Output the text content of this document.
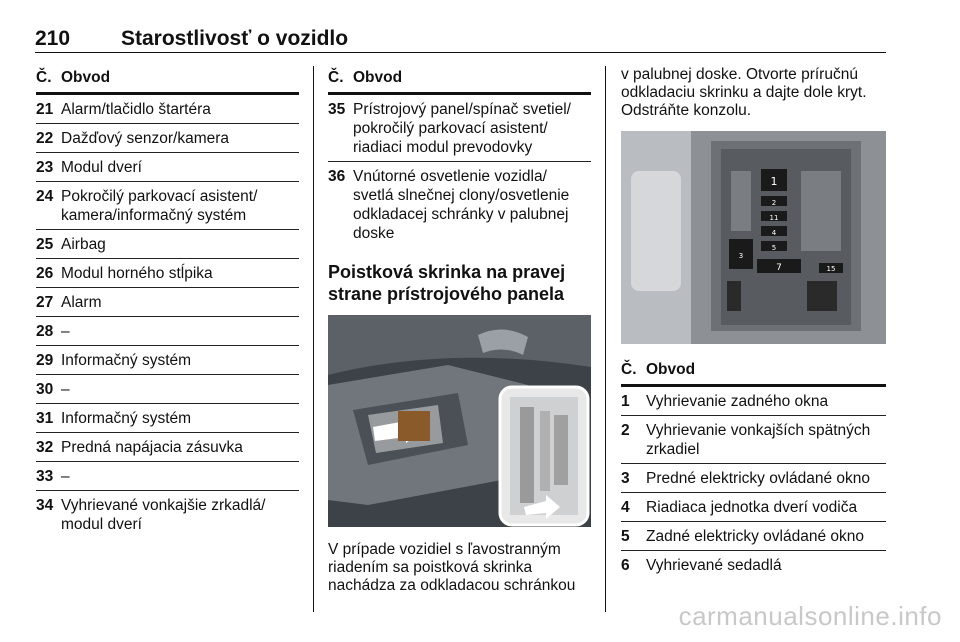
210 Starostlivosť o vozidlo
Č. Obvod
21 Alarm/tlačidlo štartéra
22 Dažďový senzor/kamera
23 Modul dverí
24 Pokročilý parkovací asistent/ kamera/informačný systém
25 Airbag
26 Modul horného stĺpika
27 Alarm
28 –
29 Informačný systém
30 –
31 Informačný systém
32 Predná napájacia zásuvka
33 –
34 Vyhrievané vonkajšie zrkadlá/ modul dverí
Č. Obvod
35 Prístrojový panel/spínač svetiel/ pokročilý parkovací asistent/ riadiaci modul prevodovky
36 Vnútorné osvetlenie vozidla/ svetlá slnečnej clony/osvetlenie odkladacej schránky v palubnej doske
Poistková skrinka na pravej strane prístrojového panela
V prípade vozidiel s ľavostranným riadením sa poistková skrinka nachádza za odkladacou schránkou
v palubnej doske. Otvorte príručnú odkladaciu skrinku a dajte dole kryt. Odstráňte konzolu.
1
2
11
4
5
3
7	15
Č. Obvod
1	Vyhrievanie zadného okna
2	Vyhrievanie vonkajších spätných zrkadiel
3	Predné elektricky ovládané okno
4	Riadiaca jednotka dverí vodiča
5	Zadné elektricky ovládané okno
6	Vyhrievané sedadlá
carmanualsonline.info
